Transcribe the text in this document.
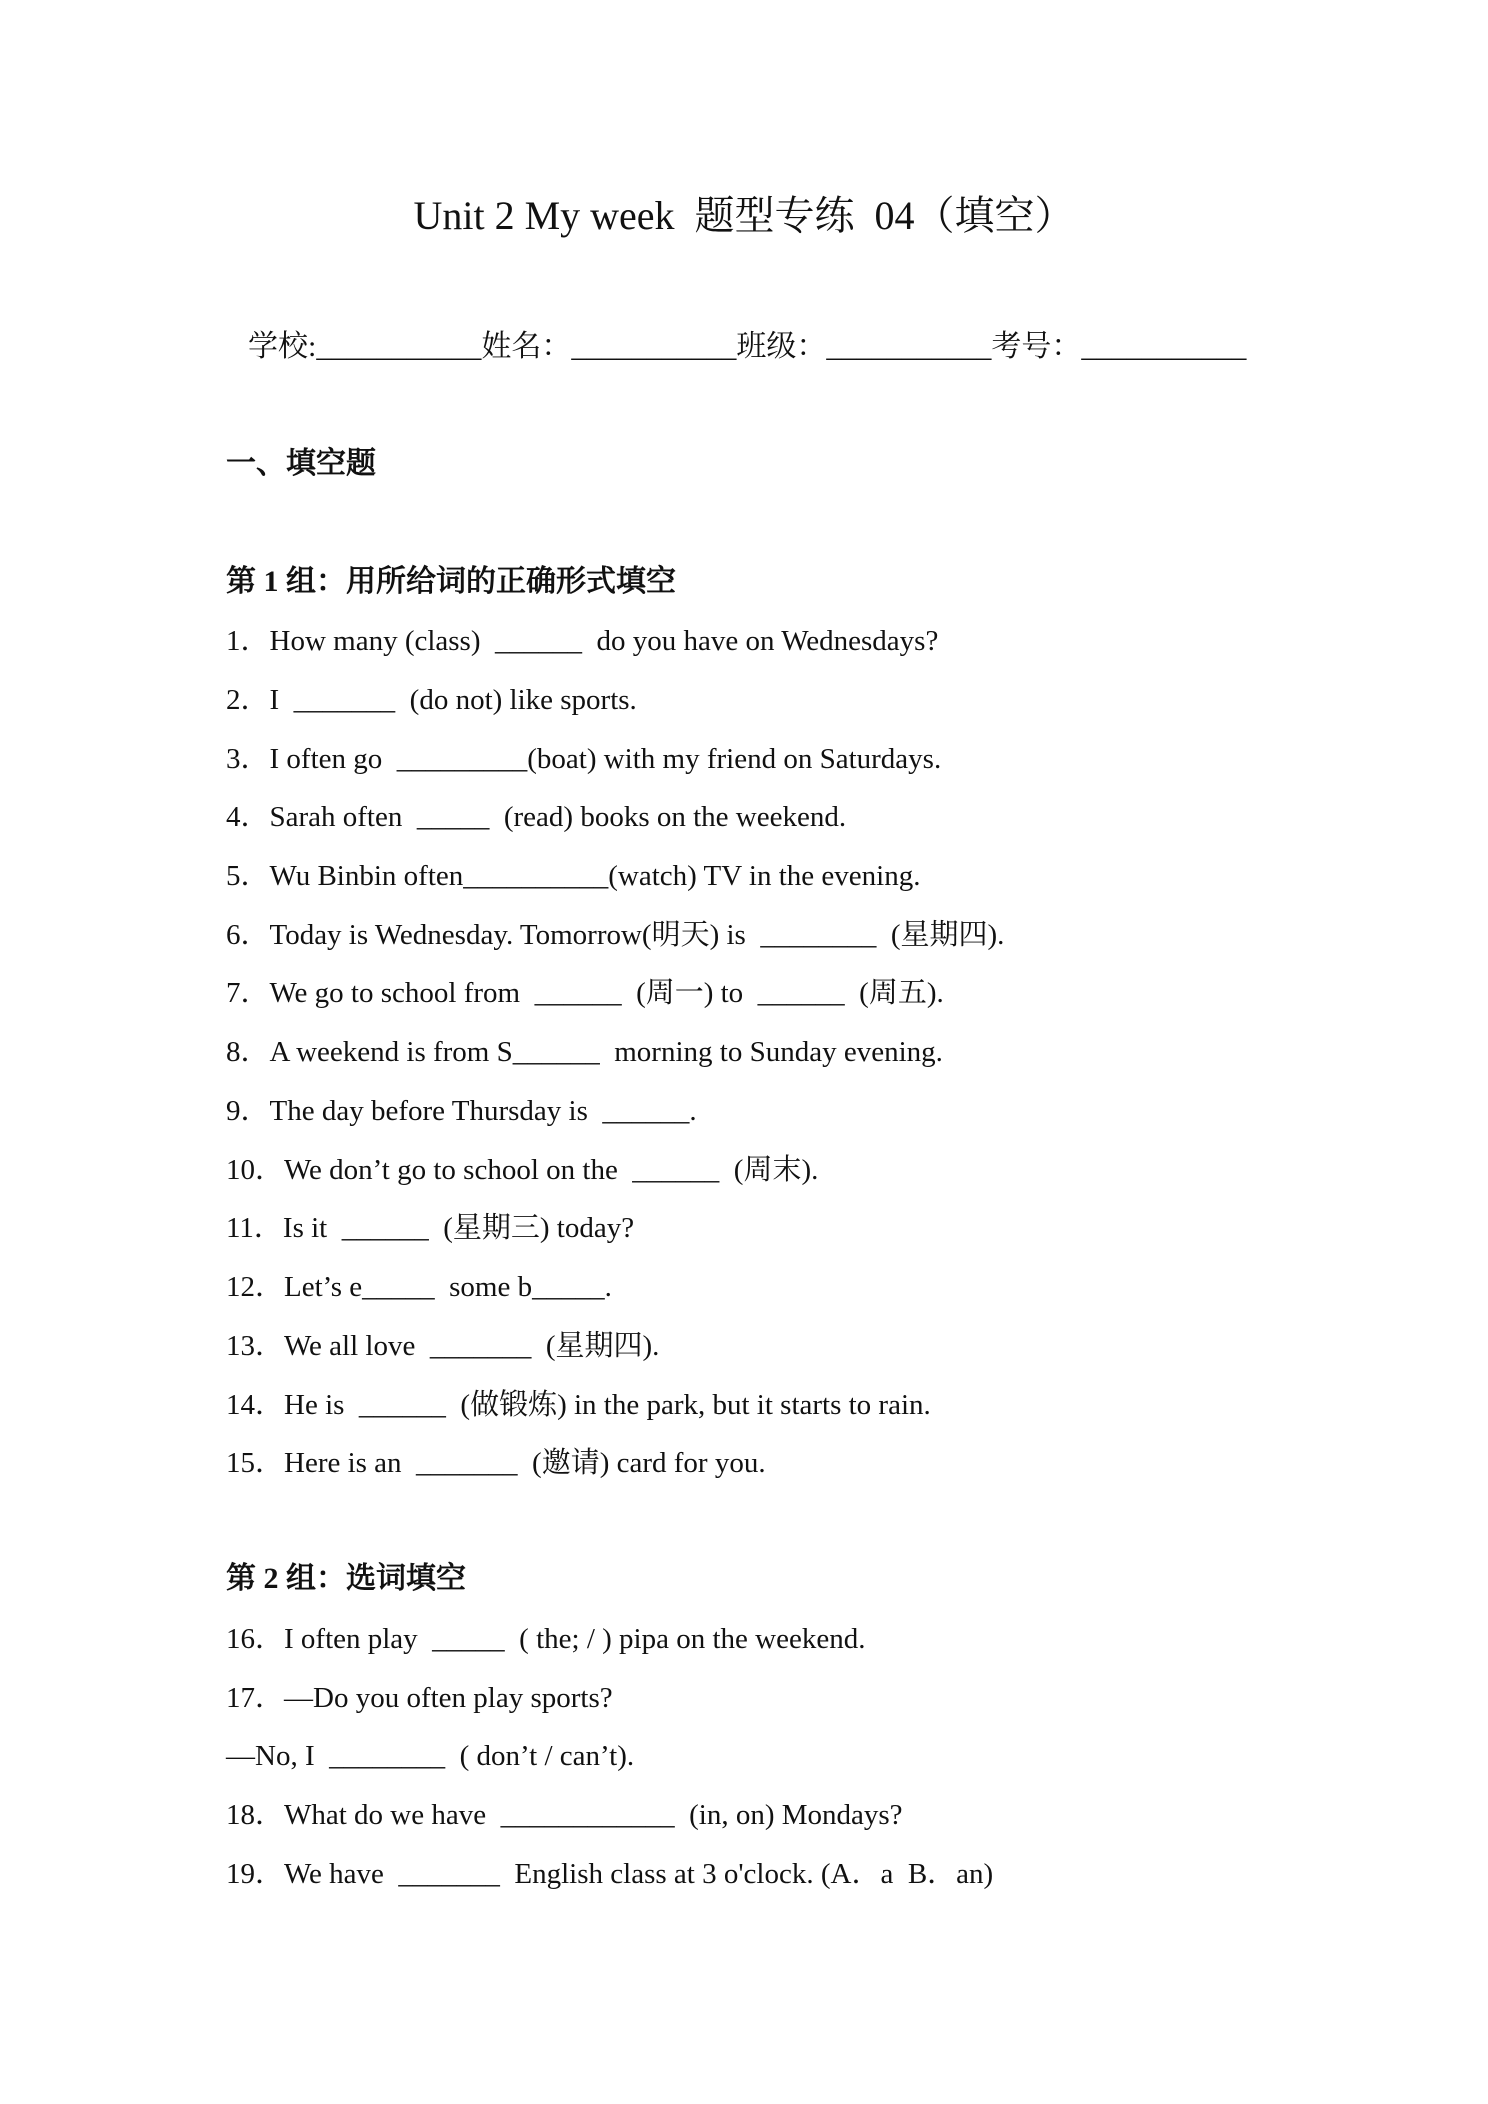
Unit 2 My week  题型专练  04（填空）
学校:___________姓名：___________班级：___________考号：___________
一、填空题
第 1 组：用所给词的正确形式填空
1．How many (class)  ______  do you have on Wednesdays?
2．I  _______  (do not) like sports.
3．I often go  _________(boat) with my friend on Saturdays.
4．Sarah often  _____  (read) books on the weekend.
5．Wu Binbin often__________(watch) TV in the evening.
6．Today is Wednesday. Tomorrow(明天) is  ________  (星期四).
7．We go to school from  ______  (周一) to  ______  (周五).
8．A weekend is from S______  morning to Sunday evening.
9．The day before Thursday is  ______.
10．We don’t go to school on the  ______  (周末).
11．Is it  ______  (星期三) today?
12．Let’s e_____  some b_____.
13．We all love  _______  (星期四).
14．He is  ______  (做锻炼) in the park, but it starts to rain.
15．Here is an  _______  (邀请) card for you.
第 2 组：选词填空
16．I often play  _____  ( the; / ) pipa on the weekend.
17．—Do you often play sports?
—No, I  ________  ( don’t / can’t).
18．What do we have  ____________  (in, on) Mondays?
19．We have  _______  English class at 3 o'clock. (A．a  B．an)
